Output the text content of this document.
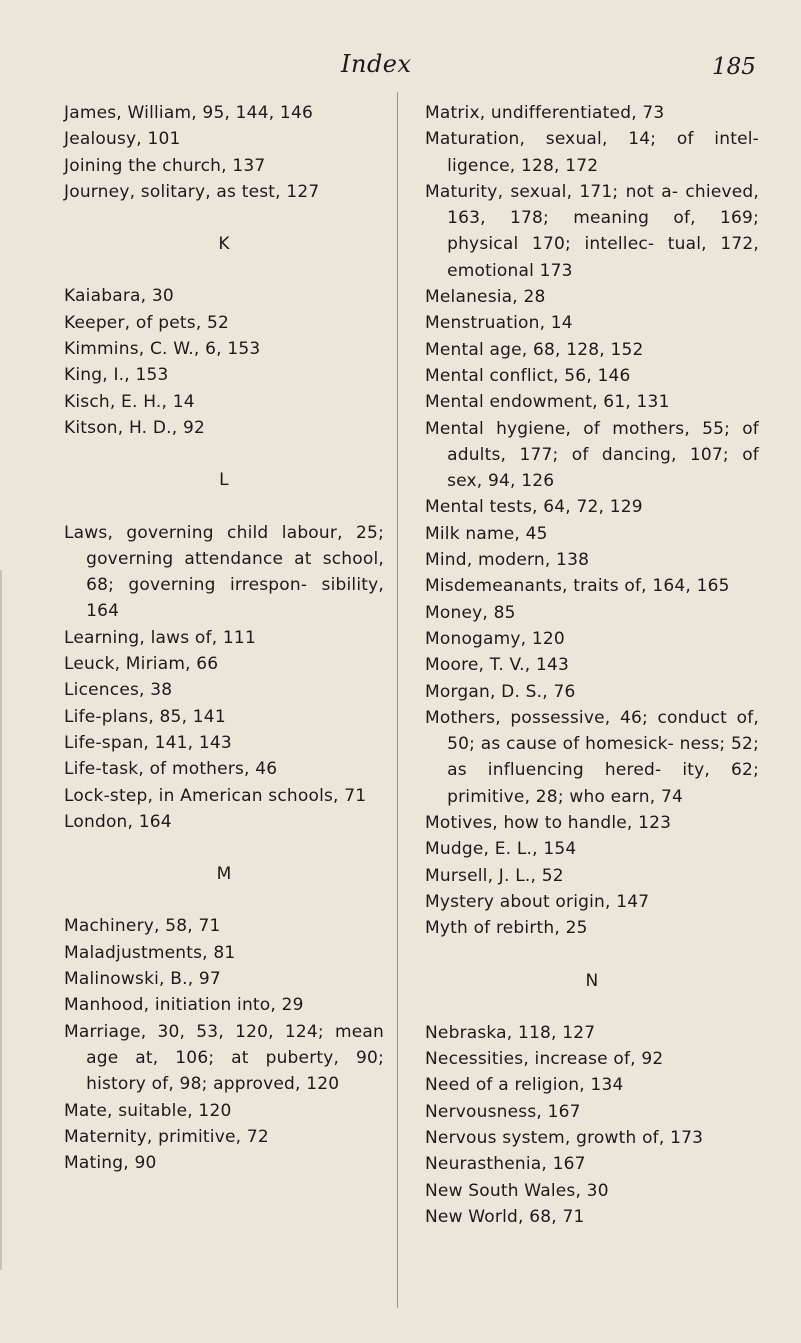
Index	185
James, William, 95, 144, 146
Jealousy, 101
Joining the church, 137
Journey, solitary, as test, 127
K
Kaiabara, 30
Keeper, of pets, 52
Kimmins, C. W., 6, 153
King, I., 153
Kisch, E. H., 14
Kitson, H. D., 92
L
Laws, governing child labour, 25; governing attendance at school, 68; governing irrespon- sibility, 164
Learning, laws of, 111
Leuck, Miriam, 66
Licences, 38
Life-plans, 85, 141
Life-span, 141, 143
Life-task, of mothers, 46
Lock-step, in American schools, 71
London, 164
M
Machinery, 58, 71
Maladjustments, 81
Malinowski, B., 97
Manhood, initiation into, 29
Marriage, 30, 53, 120, 124; mean age at, 106; at puberty, 90; history of, 98; approved, 120
Mate, suitable, 120
Maternity, primitive, 72
Mating, 90
Matrix, undifferentiated, 73
Maturation, sexual, 14; of intel- ligence, 128, 172
Maturity, sexual, 171; not a- chieved, 163, 178; meaning of, 169; physical 170; intellec- tual, 172, emotional 173
Melanesia, 28
Menstruation, 14
Mental age, 68, 128, 152
Mental conflict, 56, 146
Mental endowment, 61, 131
Mental hygiene, of mothers, 55; of adults, 177; of dancing, 107; of sex, 94, 126
Mental tests, 64, 72, 129
Milk name, 45
Mind, modern, 138
Misdemeanants, traits of, 164, 165
Money, 85
Monogamy, 120
Moore, T. V., 143
Morgan, D. S., 76
Mothers, possessive, 46; conduct of, 50; as cause of homesick- ness; 52; as influencing hered- ity, 62; primitive, 28; who earn, 74
Motives, how to handle, 123
Mudge, E. L., 154
Mursell, J. L., 52
Mystery about origin, 147
Myth of rebirth, 25
N
Nebraska, 118, 127
Necessities, increase of, 92
Need of a religion, 134
Nervousness, 167
Nervous system, growth of, 173
Neurasthenia, 167
New South Wales, 30
New World, 68, 71
